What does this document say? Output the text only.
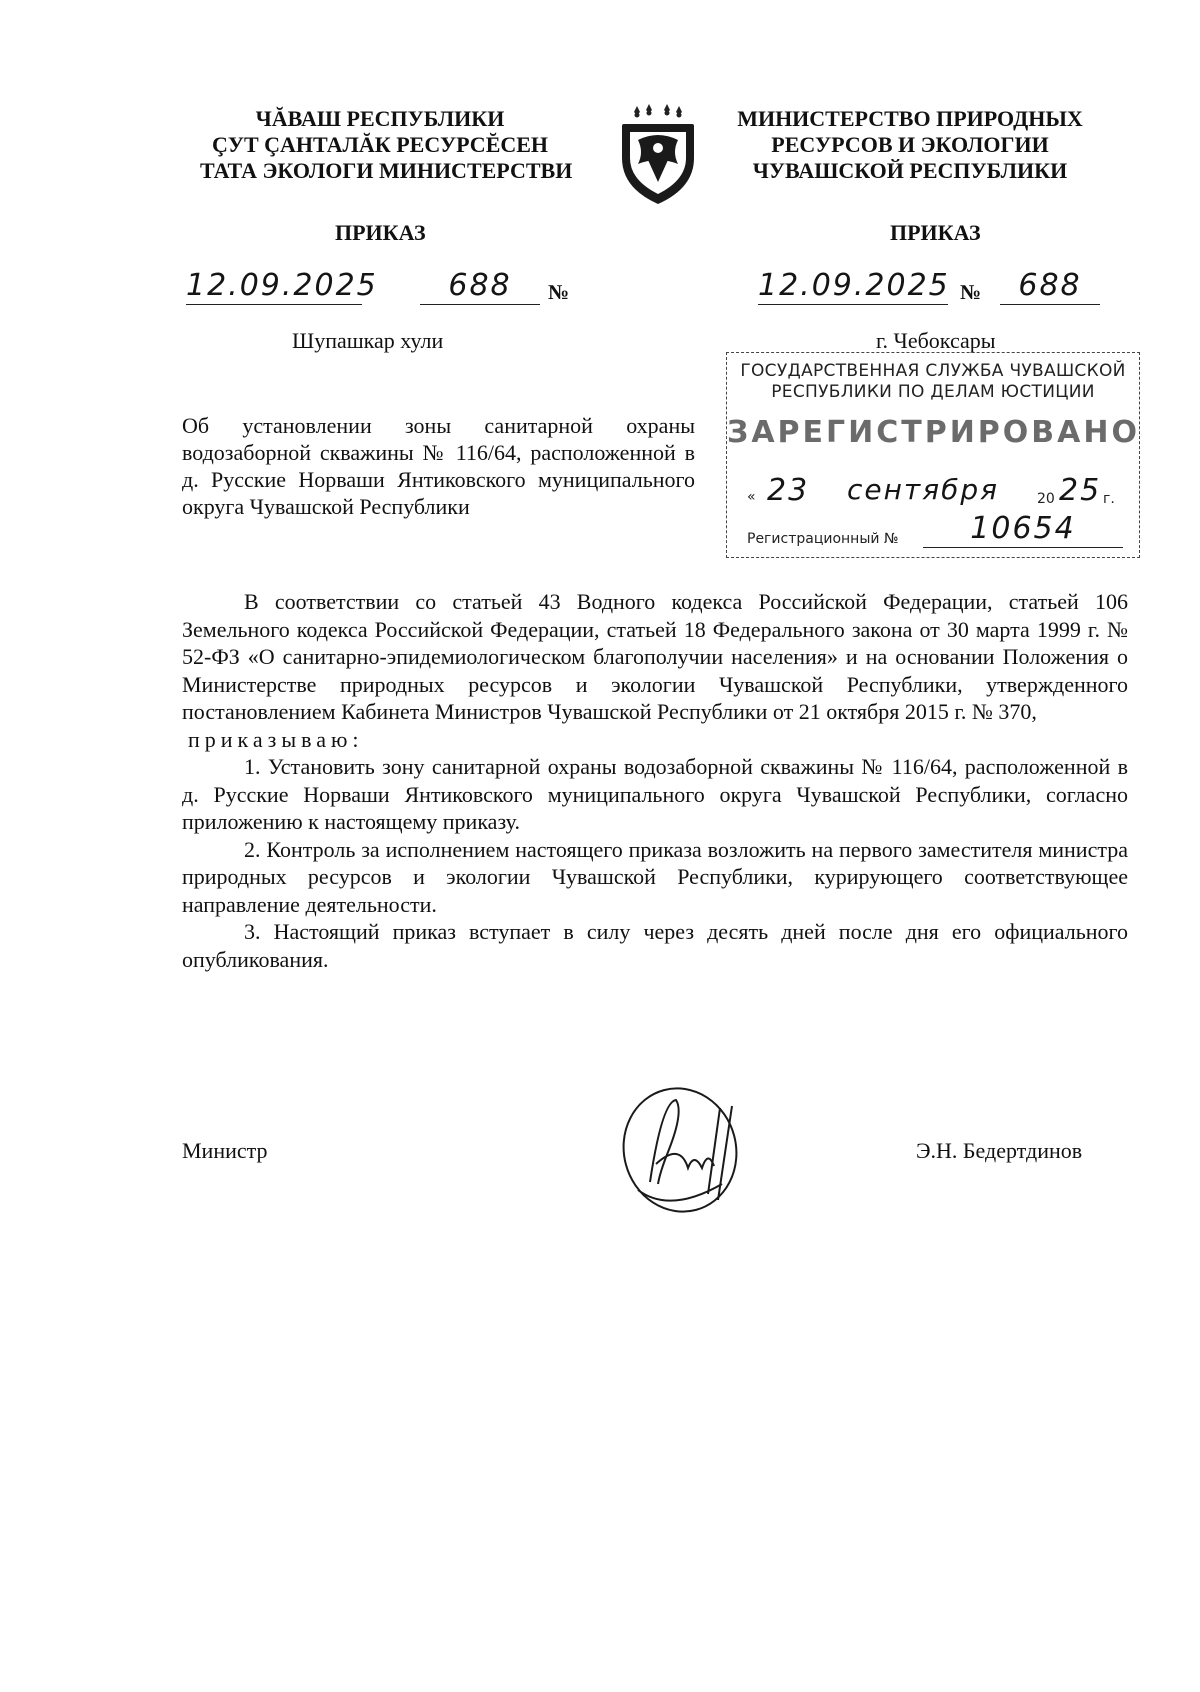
ЧĂВАШ РЕСПУБЛИКИ
ÇУТ ÇАНТАЛĂК РЕСУРСĔСЕН
ТАТА ЭКОЛОГИ МИНИСТЕРСТВИ
МИНИСТЕРСТВО ПРИРОДНЫХ
РЕСУРСОВ И ЭКОЛОГИИ
ЧУВАШСКОЙ РЕСПУБЛИКИ
ПРИКАЗ	ПРИКАЗ
12.09.2025	688	№	12.09.2025 №	688
Шупашкар хули	г. Чебоксары
ГОСУДАРСТВЕННАЯ СЛУЖБА ЧУВАШСКОЙ
РЕСПУБЛИКИ ПО ДЕЛАМ ЮСТИЦИИ
ЗАРЕГИСТРИРОВАНО
« 23 сентября	20 25 г.
Регистрационный №	10654
Об установлении зоны санитарной охраны водозаборной скважины № 116/64, расположенной в д. Русские Норваши Янтиковского муниципального округа Чувашской Республики

В соответствии со статьей 43 Водного кодекса Российской Федерации, статьей 106 Земельного кодекса Российской Федерации, статьей 18 Федерального закона от 30 марта 1999 г. № 52-ФЗ «О санитарно-эпидемиологическом благополучии населения» и на основании Положения о Министерстве природных ресурсов и экологии Чувашской Республики, утвержденного постановлением Кабинета Министров Чувашской Республики от 21 октября 2015 г. № 370,

приказываю:

1. Установить зону санитарной охраны водозаборной скважины № 116/64, расположенной в д. Русские Норваши Янтиковского муниципального округа Чувашской Республики, согласно приложению к настоящему приказу.

2. Контроль за исполнением настоящего приказа возложить на первого заместителя министра природных ресурсов и экологии Чувашской Республики, курирующего соответствующее направление деятельности.

3. Настоящий приказ вступает в силу через десять дней после дня его официального опубликования.

Министр	Э.Н. Бедертдинов
